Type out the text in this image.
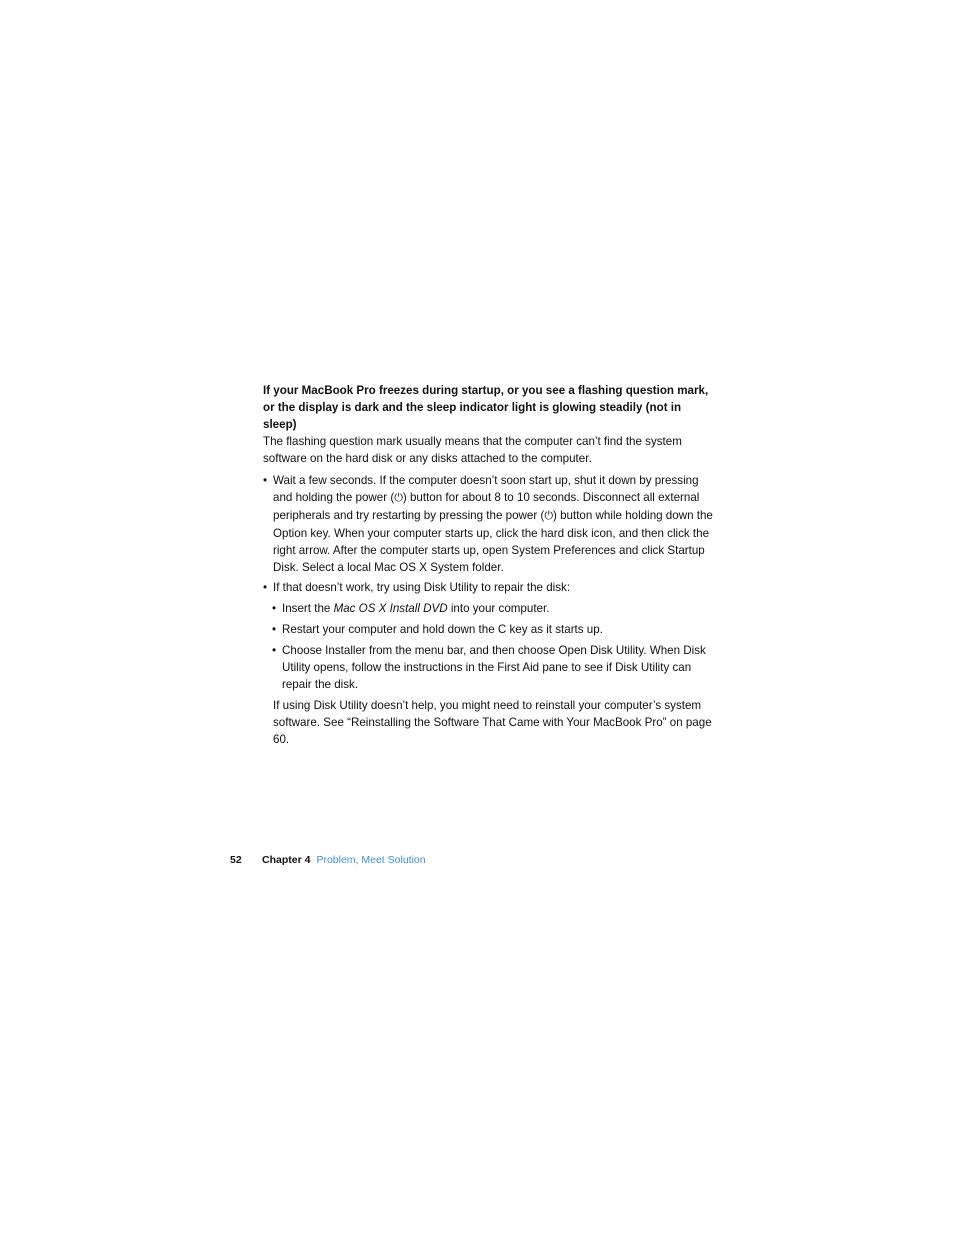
If your MacBook Pro freezes during startup, or you see a flashing question mark,
or the display is dark and the sleep indicator light is glowing steadily (not in sleep)

The flashing question mark usually means that the computer can’t find the system software on the hard disk or any disks attached to the computer.

• Wait a few seconds. If the computer doesn’t soon start up, shut it down by pressing and holding the power (⏻) button for about 8 to 10 seconds. Disconnect all external peripherals and try restarting by pressing the power (⏻) button while holding down the Option key. When your computer starts up, click the hard disk icon, and then click the right arrow. After the computer starts up, open System Preferences and click Startup Disk. Select a local Mac OS X System folder.
• If that doesn’t work, try using Disk Utility to repair the disk:
• Insert the Mac OS X Install DVD into your computer.
• Restart your computer and hold down the C key as it starts up.
• Choose Installer from the menu bar, and then choose Open Disk Utility. When Disk Utility opens, follow the instructions in the First Aid pane to see if Disk Utility can repair the disk.

If using Disk Utility doesn’t help, you might need to reinstall your computer’s system software. See “Reinstalling the Software That Came with Your MacBook Pro” on page 60.

52 Chapter 4 Problem, Meet Solution
